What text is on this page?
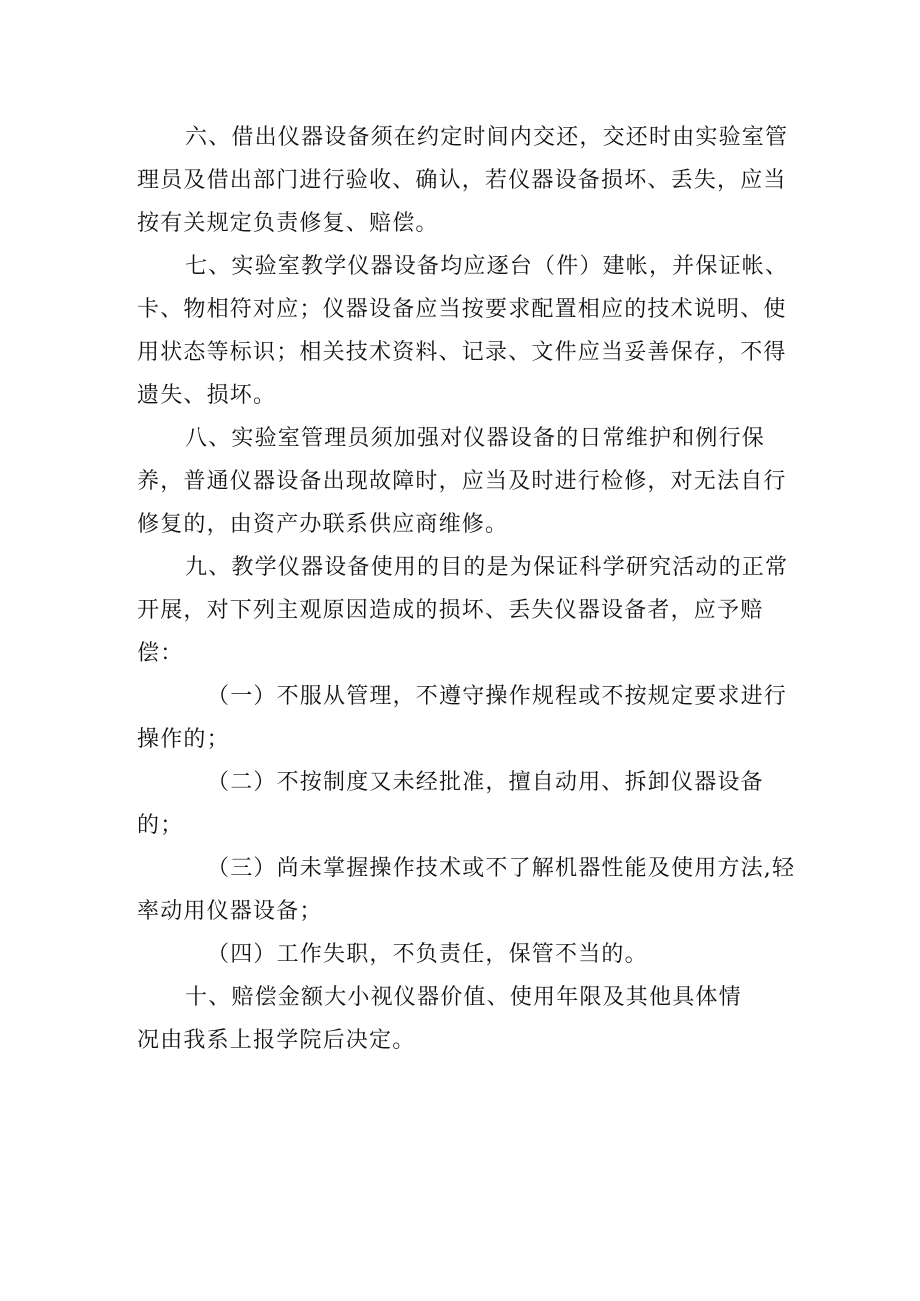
六、借出仪器设备须在约定时间内交还，交还时由实验室管理员及借出部门进行验收、确认，若仪器设备损坏、丢失，应当按有关规定负责修复、赔偿。

七、实验室教学仪器设备均应逐台（件）建帐，并保证帐、卡、物相符对应；仪器设备应当按要求配置相应的技术说明、使用状态等标识；相关技术资料、记录、文件应当妥善保存，不得遗失、损坏。

八、实验室管理员须加强对仪器设备的日常维护和例行保养，普通仪器设备出现故障时，应当及时进行检修，对无法自行修复的，由资产办联系供应商维修。

九、教学仪器设备使用的目的是为保证科学研究活动的正常开展，对下列主观原因造成的损坏、丢失仪器设备者，应予赔偿：

（一）不服从管理，不遵守操作规程或不按规定要求进行操作的；

（二）不按制度又未经批准，擅自动用、拆卸仪器设备的；

（三）尚未掌握操作技术或不了解机器性能及使用方法,轻率动用仪器设备；

（四）工作失职，不负责任，保管不当的。

十、赔偿金额大小视仪器价值、使用年限及其他具体情况由我系上报学院后决定。
